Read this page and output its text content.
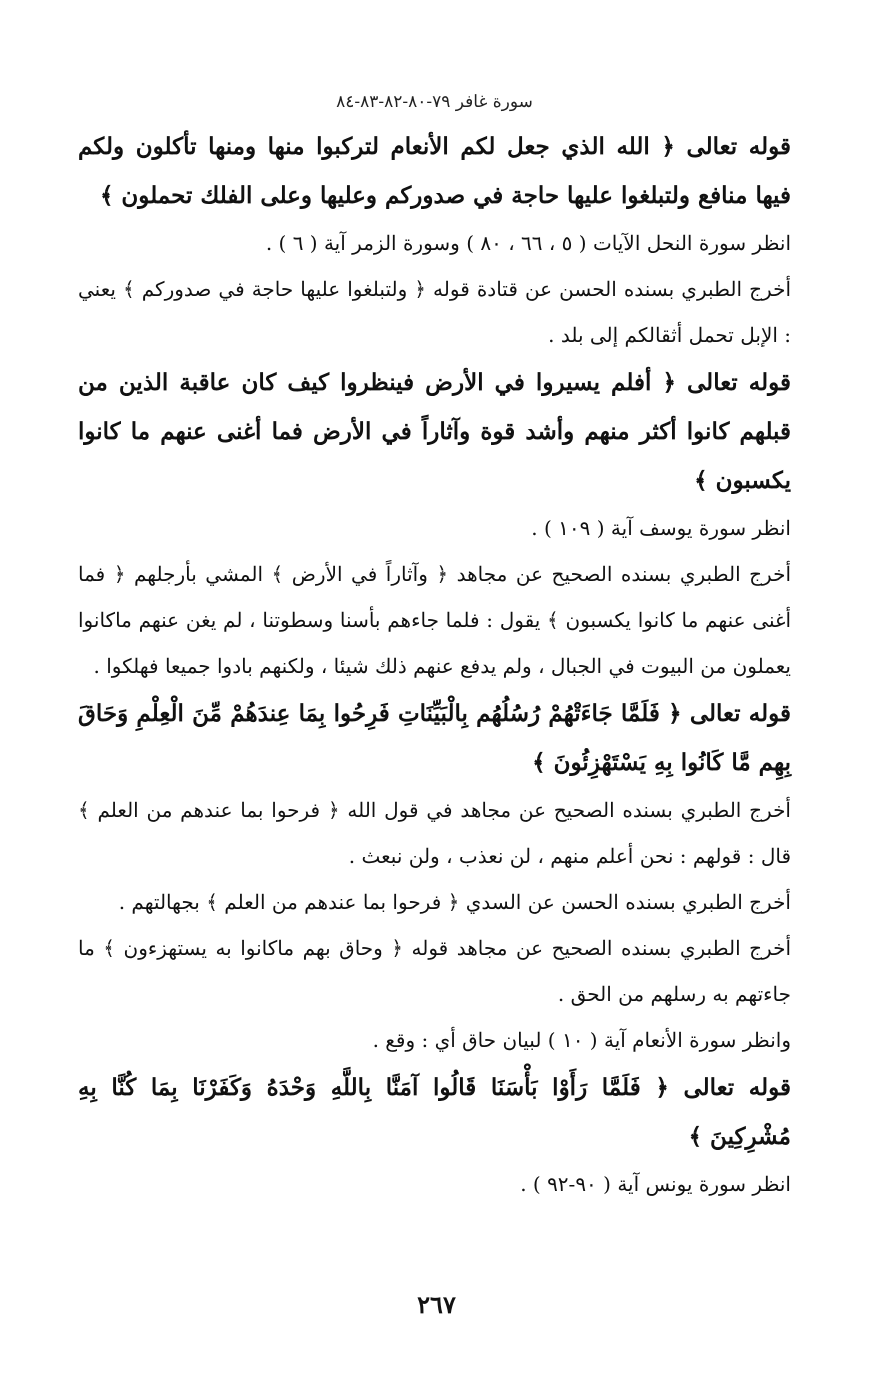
سورة غافر ٧٩-٨٠-٨٢-٨٣-٨٤
قوله تعالى ﴿ الله الذي جعل لكم الأنعام لتركبوا منها ومنها تأكلون ولكم فيها منافع ولتبلغوا عليها حاجة في صدوركم وعليها وعلى الفلك تحملون ﴾
انظر سورة النحل الآيات ( ٥ ، ٦٦ ، ٨٠ ) وسورة الزمر آية ( ٦ ) .
أخرج الطبري بسنده الحسن عن قتادة قوله ﴿ ولتبلغوا عليها حاجة في صدوركم ﴾ يعني : الإبل تحمل أثقالكم إلى بلد .
قوله تعالى ﴿ أفلم يسيروا في الأرض فينظروا كيف كان عاقبة الذين من قبلهم كانوا أكثر منهم وأشد قوة وآثاراً في الأرض فما أغنى عنهم ما كانوا يكسبون ﴾
انظر سورة يوسف آية ( ١٠٩ ) .
أخرج الطبري بسنده الصحيح عن مجاهد ﴿ وآثاراً في الأرض ﴾ المشي بأرجلهم ﴿ فما أغنى عنهم ما كانوا يكسبون ﴾ يقول : فلما جاءهم بأسنا وسطوتنا ، لم يغن عنهم ماكانوا يعملون من البيوت في الجبال ، ولم يدفع عنهم ذلك شيئا ، ولكنهم بادوا جميعا فهلكوا .
قوله تعالى ﴿ فَلَمَّا جَاءَتْهُمْ رُسُلُهُم بِالْبَيِّنَاتِ فَرِحُوا بِمَا عِندَهُمْ مِّنَ الْعِلْمِ وَحَاقَ بِهِم مَّا كَانُوا بِهِ يَسْتَهْزِئُونَ ﴾
أخرج الطبري بسنده الصحيح عن مجاهد في قول الله ﴿ فرحوا بما عندهم من العلم ﴾ قال : قولهم : نحن أعلم منهم ، لن نعذب ، ولن نبعث .
أخرج الطبري بسنده الحسن عن السدي ﴿ فرحوا بما عندهم من العلم ﴾ بجهالتهم .
أخرج الطبري بسنده الصحيح عن مجاهد قوله ﴿ وحاق بهم ماكانوا به يستهزءون ﴾ ما جاءتهم به رسلهم من الحق .
وانظر سورة الأنعام آية ( ١٠ ) لبيان حاق أي : وقع .
قوله تعالى ﴿ فَلَمَّا رَأَوْا بَأْسَنَا قَالُوا آمَنَّا بِاللَّهِ وَحْدَهُ وَكَفَرْنَا بِمَا كُنَّا بِهِ مُشْرِكِينَ ﴾
انظر سورة يونس آية ( ٩٠-٩٢ ) .
٢٦٧
